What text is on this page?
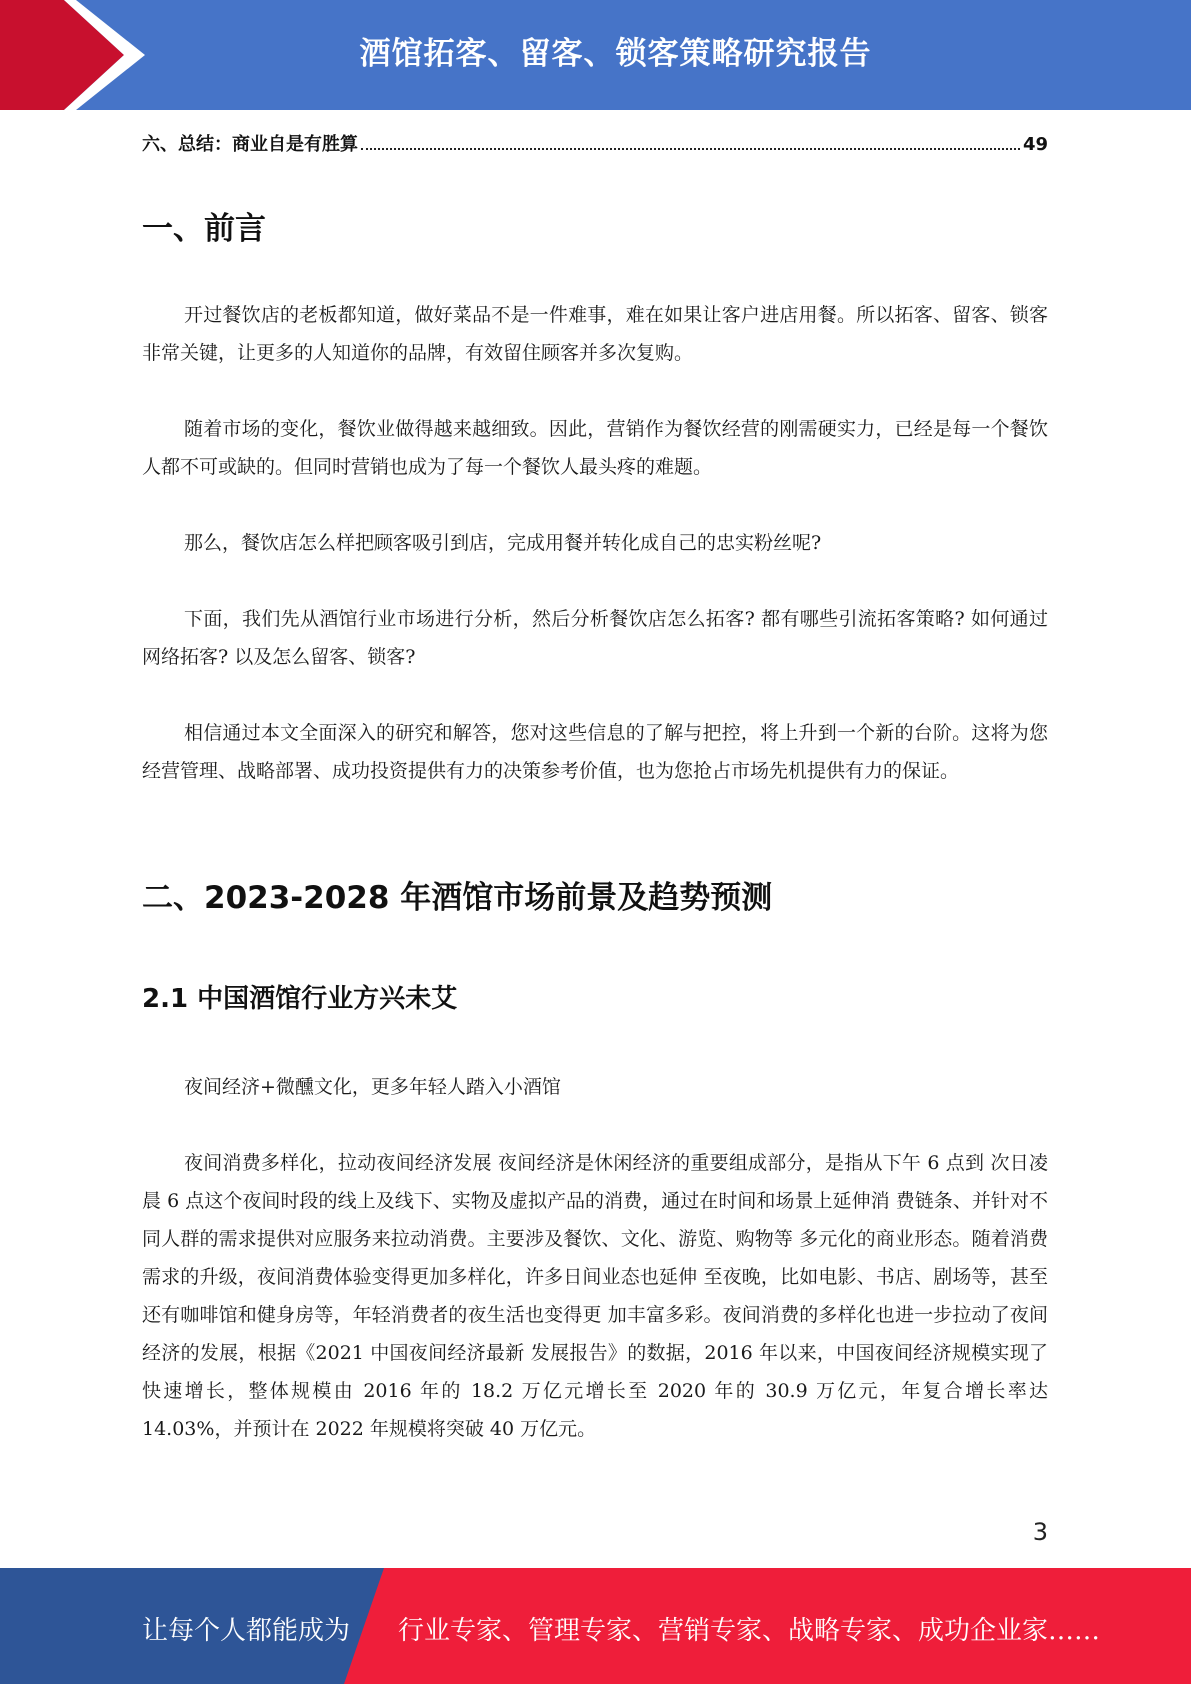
酒馆拓客、留客、锁客策略研究报告
六、总结：商业自是有胜算	49
一、前言

开过餐饮店的老板都知道，做好菜品不是一件难事，难在如果让客户进店用餐。所以拓客、留客、锁客非常关键，让更多的人知道你的品牌，有效留住顾客并多次复购。

随着市场的变化，餐饮业做得越来越细致。因此，营销作为餐饮经营的刚需硬实力，已经是每一个餐饮人都不可或缺的。但同时营销也成为了每一个餐饮人最头疼的难题。

那么，餐饮店怎么样把顾客吸引到店，完成用餐并转化成自己的忠实粉丝呢?

下面，我们先从酒馆行业市场进行分析，然后分析餐饮店怎么拓客? 都有哪些引流拓客策略? 如何通过网络拓客? 以及怎么留客、锁客?

相信通过本文全面深入的研究和解答，您对这些信息的了解与把控，将上升到一个新的台阶。这将为您经营管理、战略部署、成功投资提供有力的决策参考价值，也为您抢占市场先机提供有力的保证。

二、2023-2028 年酒馆市场前景及趋势预测
2.1 中国酒馆行业方兴未艾

夜间经济+微醺文化，更多年轻人踏入小酒馆

夜间消费多样化，拉动夜间经济发展 夜间经济是休闲经济的重要组成部分，是指从下午 6 点到 次日凌晨 6 点这个夜间时段的线上及线下、实物及虚拟产品的消费，通过在时间和场景上延伸消 费链条、并针对不同人群的需求提供对应服务来拉动消费。主要涉及餐饮、文化、游览、购物等 多元化的商业形态。随着消费需求的升级，夜间消费体验变得更加多样化，许多日间业态也延伸 至夜晚，比如电影、书店、剧场等，甚至还有咖啡馆和健身房等，年轻消费者的夜生活也变得更 加丰富多彩。夜间消费的多样化也进一步拉动了夜间经济的发展，根据《2021 中国夜间经济最新 发展报告》的数据，2016 年以来，中国夜间经济规模实现了快速增长，整体规模由 2016 年的 18.2 万亿元增长至 2020 年的 30.9 万亿元，年复合增长率达 14.03%，并预计在 2022 年规模将突破 40 万亿元。

3
让每个人都能成为 行业专家、管理专家、营销专家、战略专家、成功企业家……
